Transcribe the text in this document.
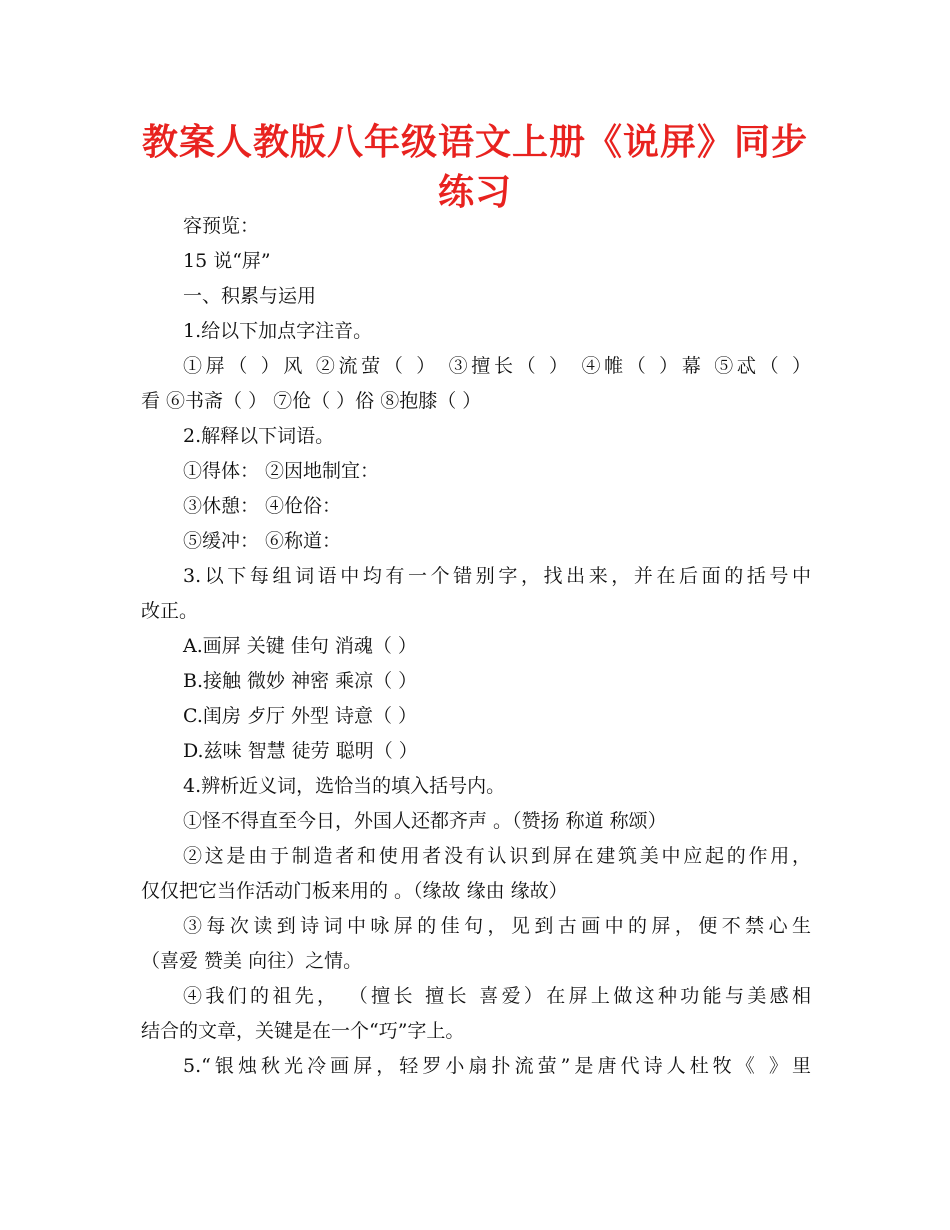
教案人教版八年级语文上册《说屏》同步
练习
容预览：
15 说“屏”
一、积累与运用
1.给以下加点字注音。
①屏（ ）风 ②流萤（ ） ③擅长（ ） ④帷（ ）幕 ⑤忒（ ）
看 ⑥书斋（ ） ⑦伧（ ）俗 ⑧抱膝（ ）
2.解释以下词语。
①得体： ②因地制宜：
③休憩： ④伧俗：
⑤缓冲： ⑥称道：
3.以下每组词语中均有一个错别字，找出来，并在后面的括号中
改正。
A.画屏 关键 佳句 消魂（ ）
B.接触 微妙 神密 乘凉（ ）
C.闺房 歺厅 外型 诗意（ ）
D.兹味 智慧 徒劳 聪明（ ）
4.辨析近义词，选恰当的填入括号内。
①怪不得直至今日，外国人还都齐声 。（赞扬 称道 称颂）
②这是由于制造者和使用者没有认识到屏在建筑美中应起的作用，
仅仅把它当作活动门板来用的 。（缘故 缘由 缘故）
③每次读到诗词中咏屏的佳句，见到古画中的屏，便不禁心生
（喜爱 赞美 向往）之情。
④我们的祖先， （擅长 擅长 喜爱）在屏上做这种功能与美感相
结合的文章，关键是在一个“巧”字上。
5.“银烛秋光冷画屏，轻罗小扇扑流萤”是唐代诗人杜牧《 》里
